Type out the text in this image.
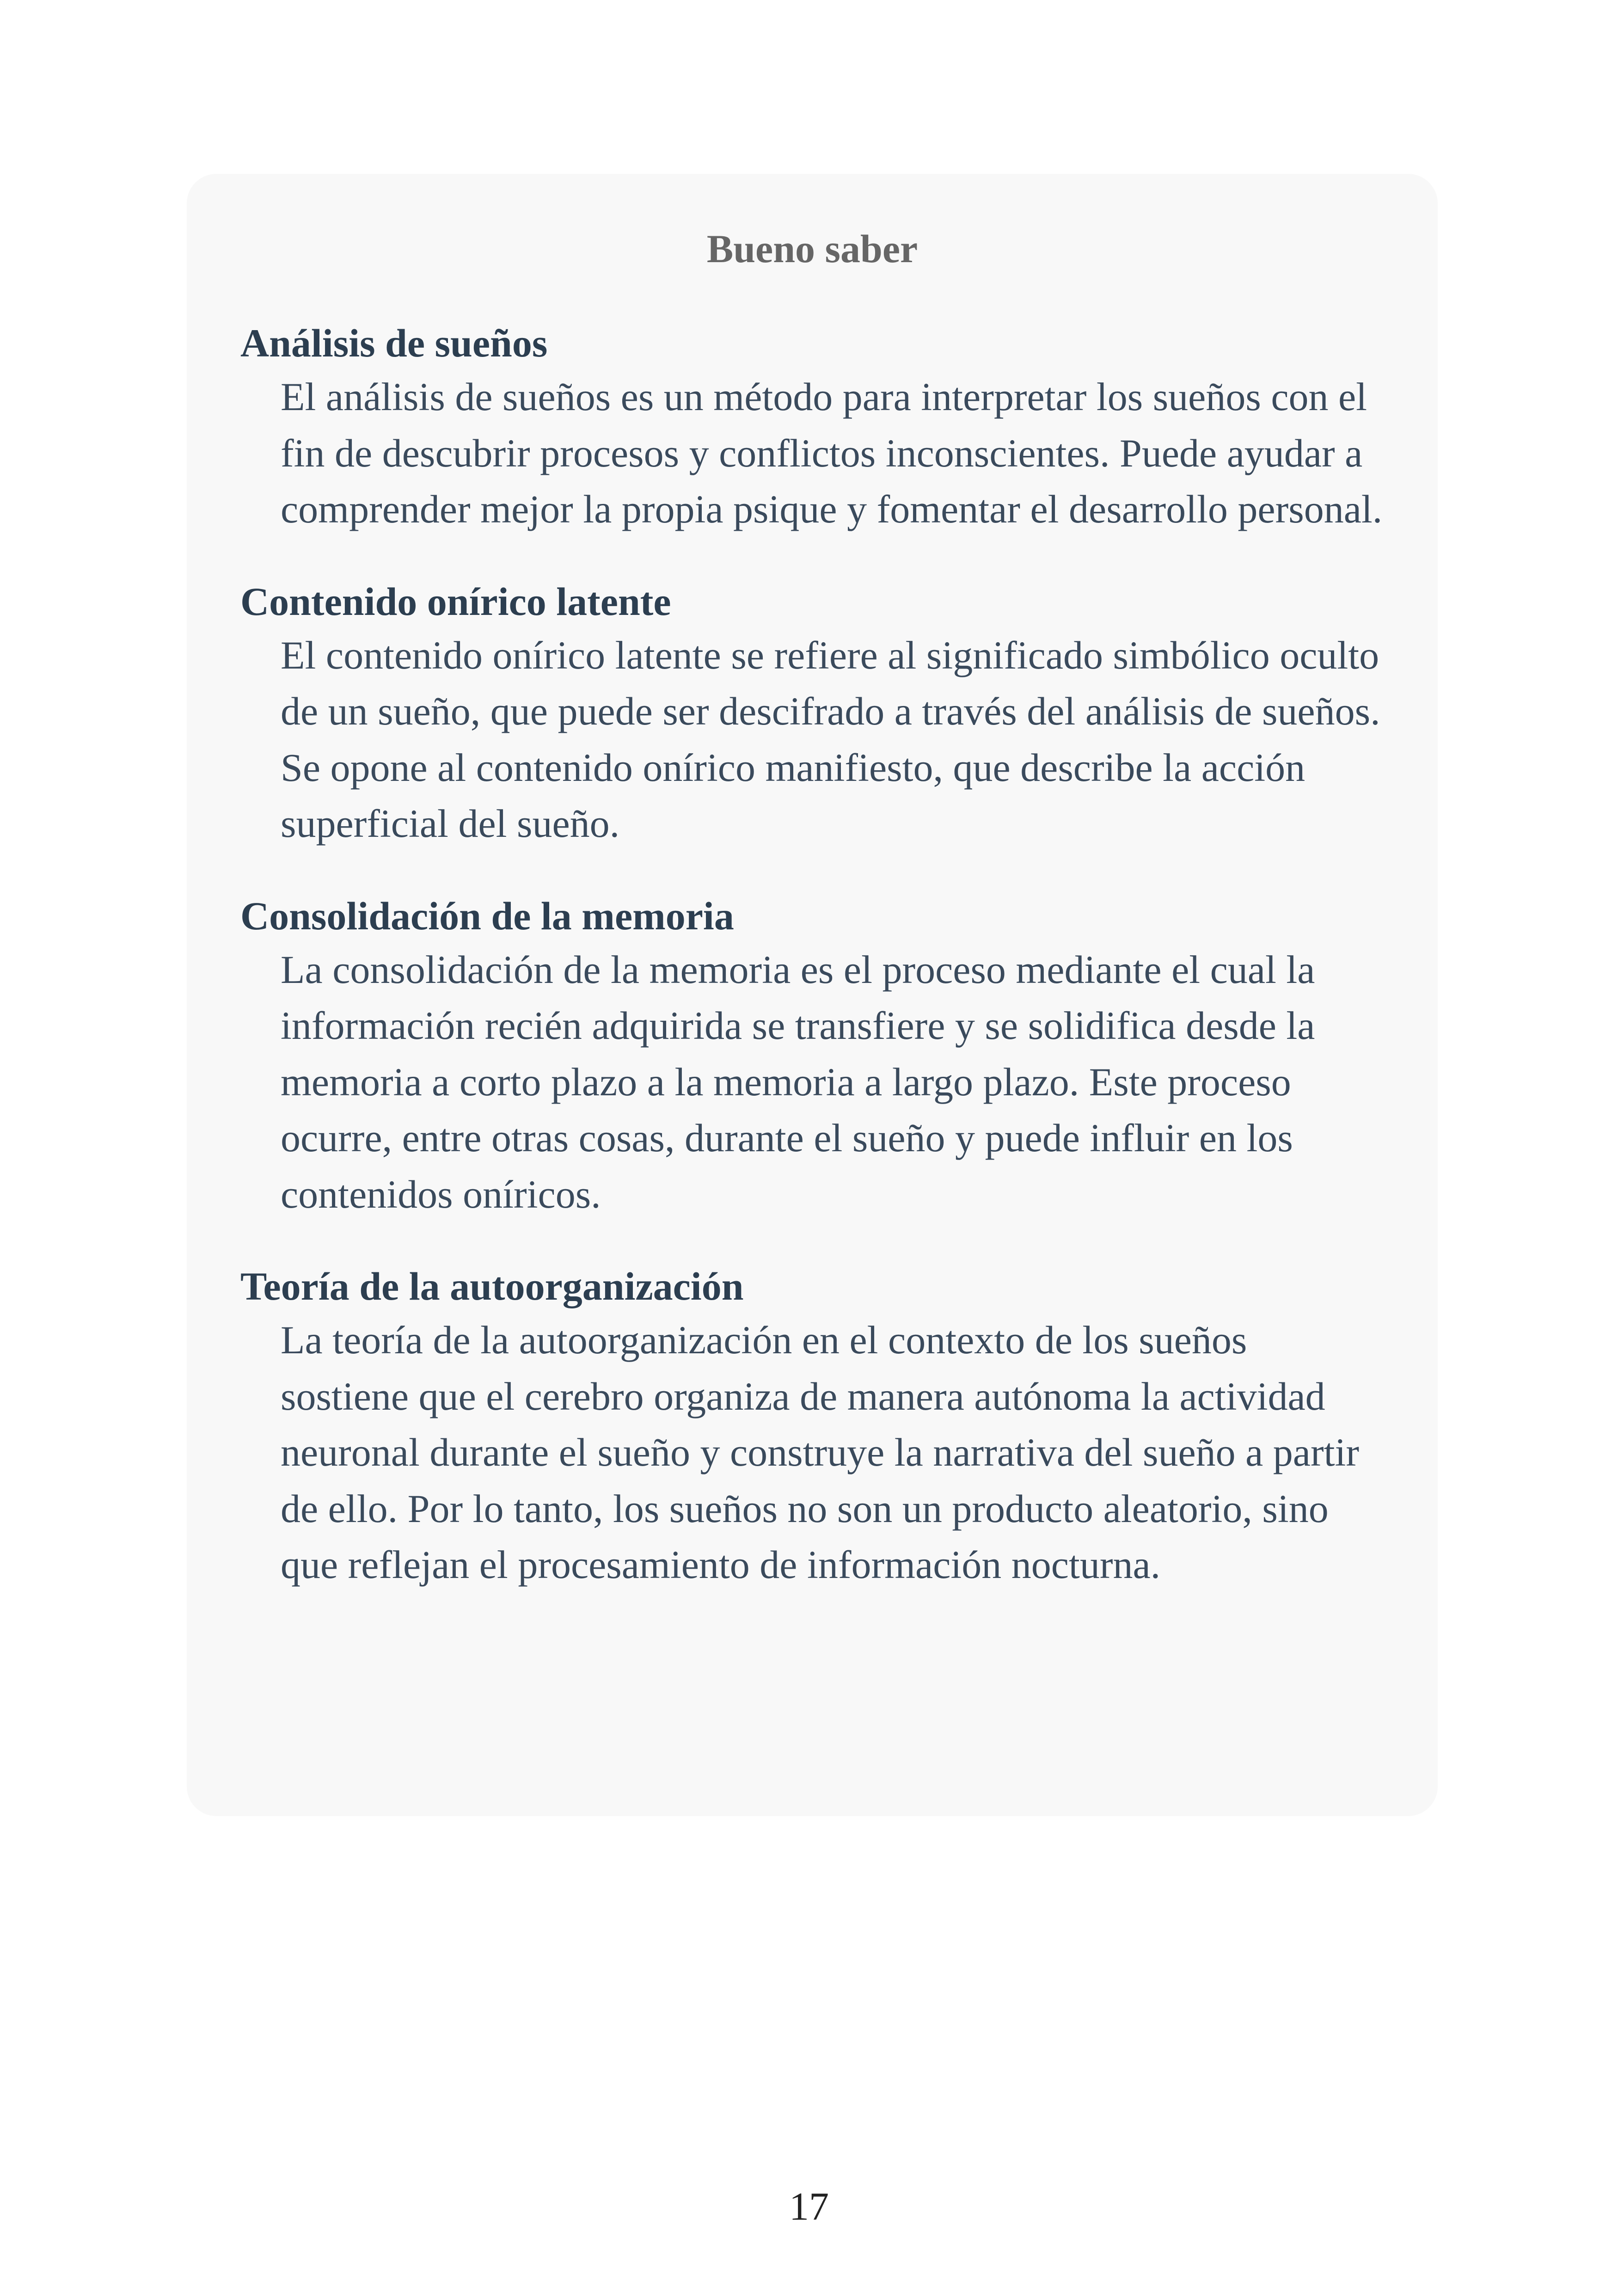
Bueno saber

Análisis de sueños

El análisis de sueños es un método para interpretar los sueños con el fin de descubrir procesos y conflictos inconscientes. Puede ayudar a comprender mejor la propia psique y fomentar el desarrollo personal.

Contenido onírico latente

El contenido onírico latente se refiere al significado simbólico oculto de un sueño, que puede ser descifrado a través del análisis de sueños. Se opone al contenido onírico manifiesto, que describe la acción superficial del sueño.

Consolidación de la memoria

La consolidación de la memoria es el proceso mediante el cual la información recién adquirida se transfiere y se solidifica desde la memoria a corto plazo a la memoria a largo plazo. Este proceso ocurre, entre otras cosas, durante el sueño y puede influir en los contenidos oníricos.

Teoría de la autoorganización

La teoría de la autoorganización en el contexto de los sueños sostiene que el cerebro organiza de manera autónoma la actividad neuronal durante el sueño y construye la narrativa del sueño a partir de ello. Por lo tanto, los sueños no son un producto aleatorio, sino que reflejan el procesamiento de información nocturna.

17
